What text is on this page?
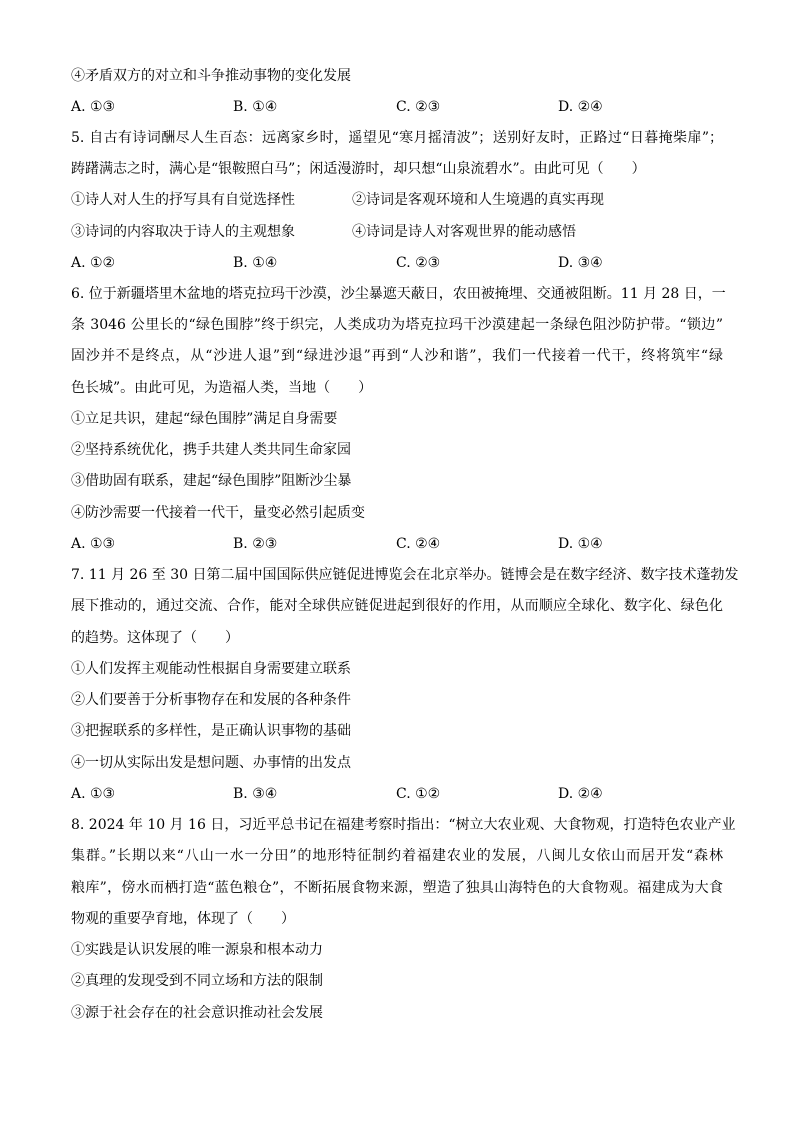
④矛盾双方的对立和斗争推动事物的变化发展
A. ①③	B. ①④	C. ②③	D. ②④
5. 自古有诗词酬尽人生百态：远离家乡时，遥望见“寒月摇清波”；送别好友时，正路过“日暮掩柴扉”；
踌躇满志之时，满心是“银鞍照白马”；闲适漫游时，却只想“山泉流碧水”。由此可见（　　）
①诗人对人生的抒写具有自觉选择性	②诗词是客观环境和人生境遇的真实再现
③诗词的内容取决于诗人的主观想象	④诗词是诗人对客观世界的能动感悟
A. ①②	B. ①④	C. ②③	D. ③④
6. 位于新疆塔里木盆地的塔克拉玛干沙漠，沙尘暴遮天蔽日，农田被掩埋、交通被阻断。11 月 28 日，一
条 3046 公里长的“绿色围脖”终于织完，人类成功为塔克拉玛干沙漠建起一条绿色阻沙防护带。“锁边”
固沙并不是终点，从“沙进人退”到“绿进沙退”再到“人沙和谐”，我们一代接着一代干，终将筑牢“绿
色长城”。由此可见，为造福人类，当地（　　）
①立足共识，建起“绿色围脖”满足自身需要
②坚持系统优化，携手共建人类共同生命家园
③借助固有联系，建起“绿色围脖”阻断沙尘暴
④防沙需要一代接着一代干，量变必然引起质变
A. ①③	B. ②③	C. ②④	D. ①④
7. 11 月 26 至 30 日第二届中国国际供应链促进博览会在北京举办。链博会是在数字经济、数字技术蓬勃发
展下推动的，通过交流、合作，能对全球供应链促进起到很好的作用，从而顺应全球化、数字化、绿色化
的趋势。这体现了（　　）
①人们发挥主观能动性根据自身需要建立联系
②人们要善于分析事物存在和发展的各种条件
③把握联系的多样性，是正确认识事物的基础
④一切从实际出发是想问题、办事情的出发点
A. ①③	B. ③④	C. ①②	D. ②④
8. 2024 年 10 月 16 日，习近平总书记在福建考察时指出：“树立大农业观、大食物观，打造特色农业产业
集群。”长期以来“八山一水一分田”的地形特征制约着福建农业的发展，八闽儿女依山而居开发“森林
粮库”，傍水而栖打造“蓝色粮仓”，不断拓展食物来源，塑造了独具山海特色的大食物观。福建成为大食
物观的重要孕育地，体现了（　　）
①实践是认识发展的唯一源泉和根本动力
②真理的发现受到不同立场和方法的限制
③源于社会存在的社会意识推动社会发展
